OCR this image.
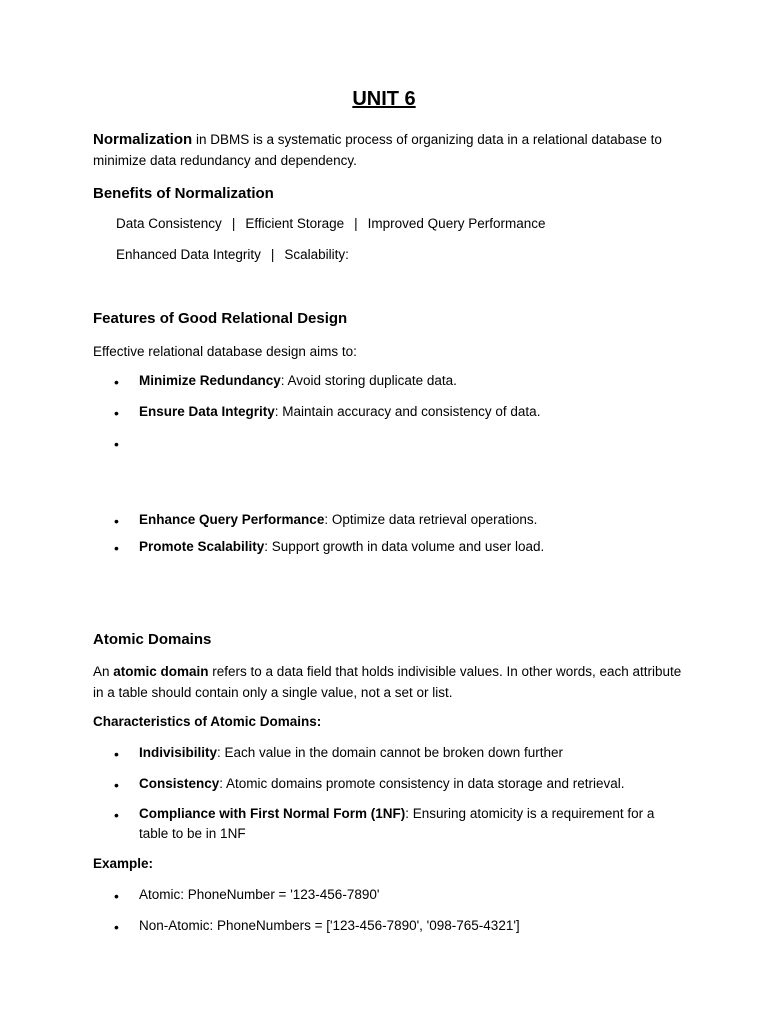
UNIT 6
Normalization in DBMS is a systematic process of organizing data in a relational database to minimize data redundancy and dependency.
Benefits of Normalization
Data Consistency | Efficient Storage | Improved Query Performance
Enhanced Data Integrity | Scalability:
Features of Good Relational Design
Effective relational database design aims to:
• Minimize Redundancy: Avoid storing duplicate data.
• Ensure Data Integrity: Maintain accuracy and consistency of data.
•
• Enhance Query Performance: Optimize data retrieval operations.
• Promote Scalability: Support growth in data volume and user load.
Atomic Domains
An atomic domain refers to a data field that holds indivisible values. In other words, each attribute in a table should contain only a single value, not a set or list.
Characteristics of Atomic Domains:
• Indivisibility: Each value in the domain cannot be broken down further
• Consistency: Atomic domains promote consistency in data storage and retrieval.
• Compliance with First Normal Form (1NF): Ensuring atomicity is a requirement for a table to be in 1NF
Example:
• Atomic: PhoneNumber = '123-456-7890'
• Non-Atomic: PhoneNumbers = ['123-456-7890', '098-765-4321']
